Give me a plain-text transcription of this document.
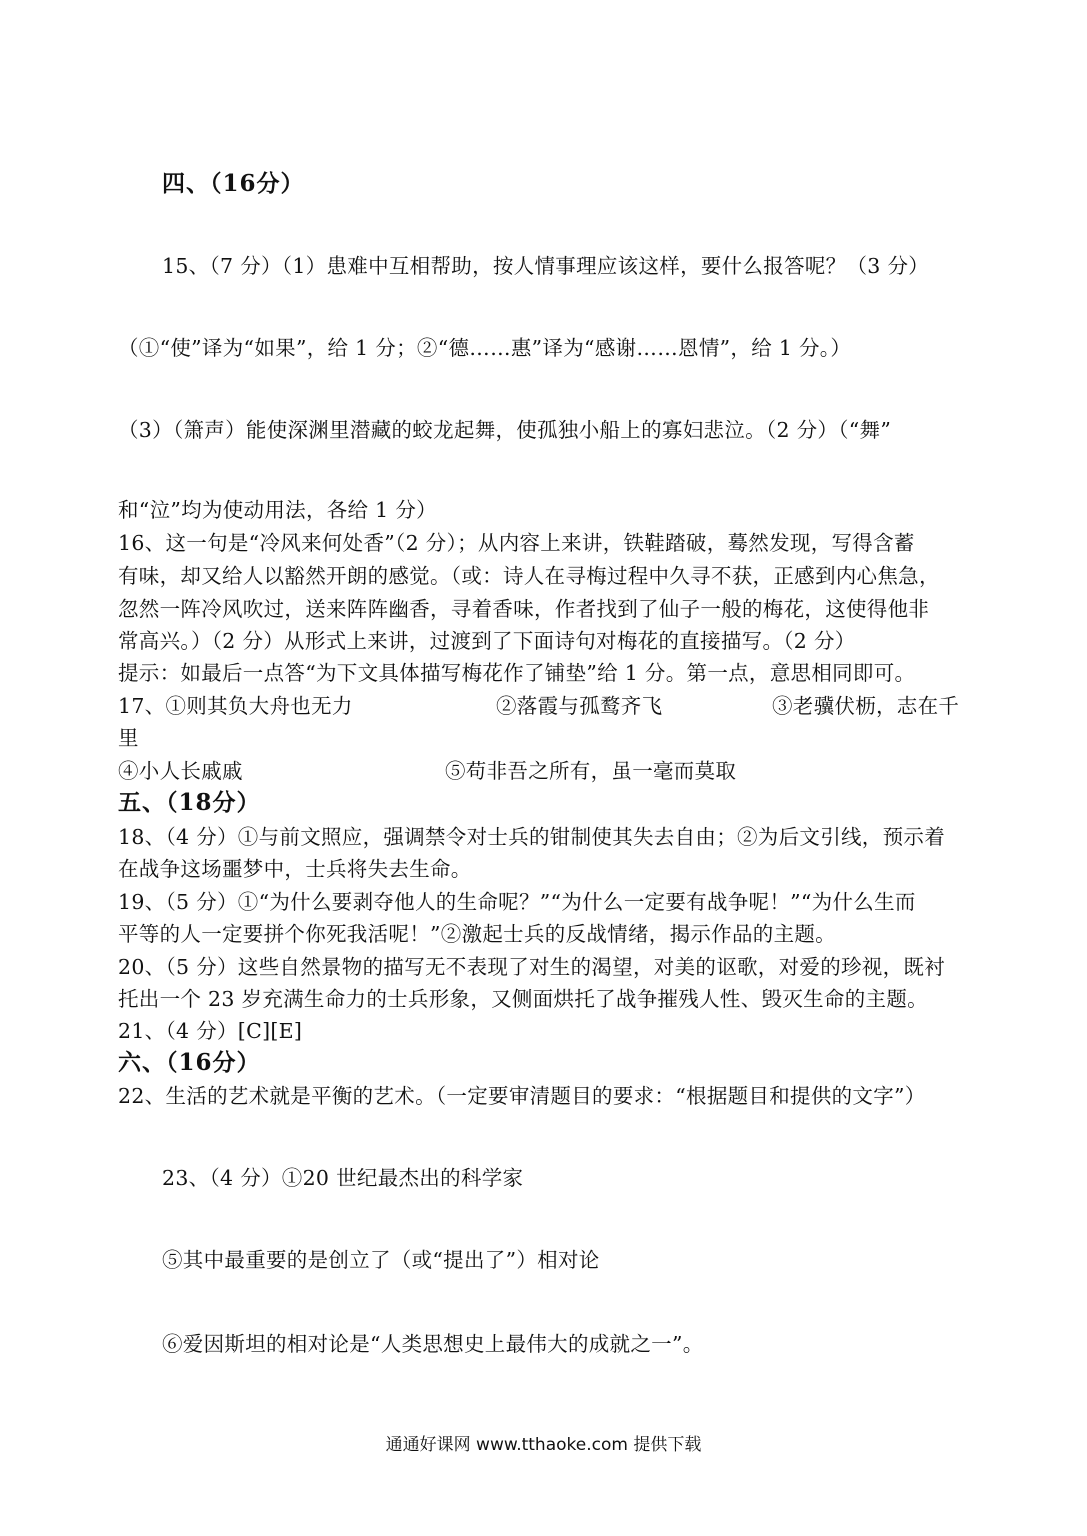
四、（16分）
15、（7 分）（1）患难中互相帮助，按人情事理应该这样，要什么报答呢？（3 分）
（①“使”译为“如果”，给 1 分；②“德……惠”译为“感谢……恩情”，给 1 分。）
（3）（箫声）能使深渊里潜藏的蛟龙起舞，使孤独小船上的寡妇悲泣。（2 分）（“舞”
和“泣”均为使动用法，各给 1 分）
16、这一句是“冷风来何处香”（2 分）；从内容上来讲，铁鞋踏破，蓦然发现，写得含蓄
有味，却又给人以豁然开朗的感觉。（或：诗人在寻梅过程中久寻不获，正感到内心焦急，
忽然一阵冷风吹过，送来阵阵幽香，寻着香味，作者找到了仙子一般的梅花，这使得他非
常高兴。）（2 分）从形式上来讲，过渡到了下面诗句对梅花的直接描写。（2 分）
提示：如最后一点答“为下文具体描写梅花作了铺垫”给 1 分。第一点，意思相同即可。
17、①则其负大舟也无力	②落霞与孤鹜齐飞	③老骥伏枥，志在千
里
④小人长戚戚	⑤苟非吾之所有，虽一毫而莫取
五、（18分）
18、（4 分）①与前文照应，强调禁令对士兵的钳制使其失去自由；②为后文引线，预示着
在战争这场噩梦中，士兵将失去生命。
19、（5 分）①“为什么要剥夺他人的生命呢？”“为什么一定要有战争呢！”“为什么生而
平等的人一定要拼个你死我活呢！”②激起士兵的反战情绪，揭示作品的主题。
20、（5 分）这些自然景物的描写无不表现了对生的渴望，对美的讴歌，对爱的珍视，既衬
托出一个 23 岁充满生命力的士兵形象，又侧面烘托了战争摧残人性、毁灭生命的主题。
21、（4 分）[C][E]
六、（16分）
22、生活的艺术就是平衡的艺术。（一定要审清题目的要求：“根据题目和提供的文字”）
23、（4 分）①20 世纪最杰出的科学家
⑤其中最重要的是创立了（或“提出了”）相对论
⑥爱因斯坦的相对论是“人类思想史上最伟大的成就之一”。
通通好课网 www.tthaoke.com 提供下载
